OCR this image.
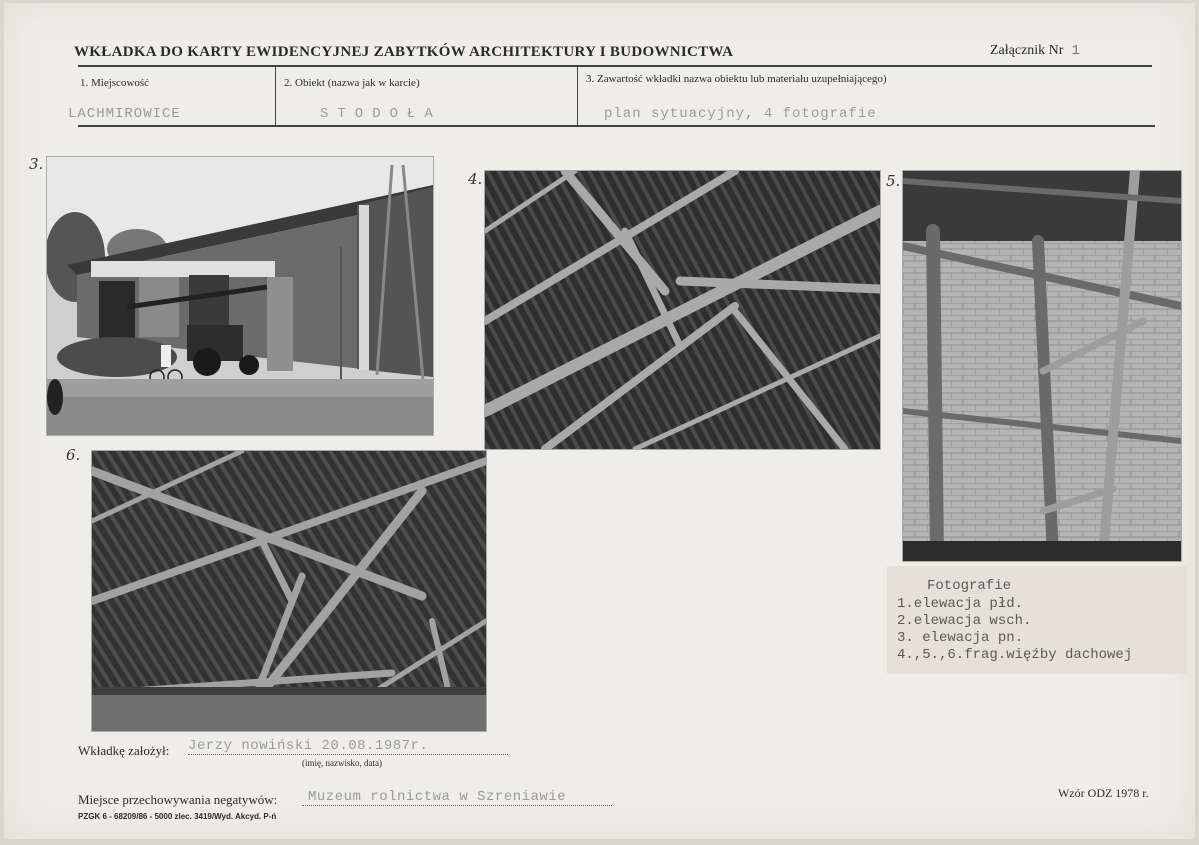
WKŁADKA DO KARTY EWIDENCYJNEJ ZABYTKÓW ARCHITEKTURY I BUDOWNICTWA	Załącznik Nr 1
1. Miejscowość
LACHMIROWICE
2. Obiekt (nazwa jak w karcie)
STODOŁA
3. Zawartość wkładki nazwa obiektu lub materiału uzupełniającego)
plan sytuacyjny, 4 fotografie
3.
4.	5.
6.
Fotografie
1.elewacja płd.
2.elewacja wsch.
3. elewacja pn.
4.,5.,6.frag.więźby dachowej
Wkładkę założył: Jerzy nowiński 20.08.1987r.
(imię, nazwisko, data)
Miejsce przechowywania negatywów: Muzeum rolnictwa w Szreniawie
PZGK 6 - 68209/86 - 5000 zlec. 3419/Wyd. Akcyd. P-ń
Wzór ODZ 1978 r.
